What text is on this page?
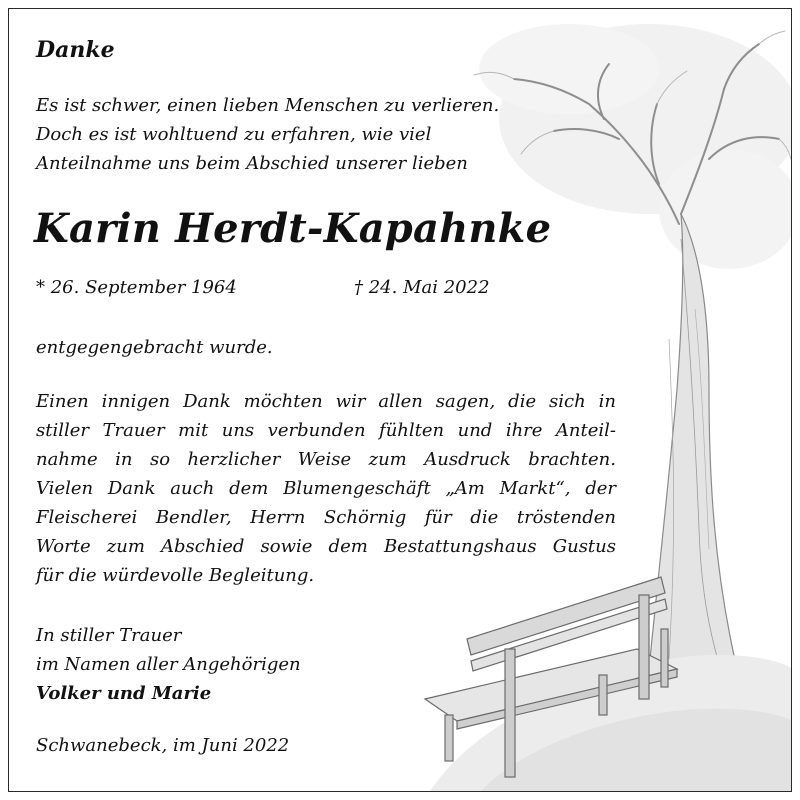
Danke
Es ist schwer, einen lieben Menschen zu verlieren.
Doch es ist wohltuend zu erfahren, wie viel
Anteilnahme uns beim Abschied unserer lieben
Karin Herdt-Kapahnke
* 26. September 1964	† 24. Mai 2022
entgegengebracht wurde.
Einen innigen Dank möchten wir allen sagen, die sich in
stiller Trauer mit uns verbunden fühlten und ihre Anteil-
nahme in so herzlicher Weise zum Ausdruck brachten.
Vielen Dank auch dem Blumengeschäft „Am Markt“, der
Fleischerei Bendler, Herrn Schörnig für die tröstenden
Worte zum Abschied sowie dem Bestattungshaus Gustus
für die würdevolle Begleitung.
In stiller Trauer
im Namen aller Angehörigen
Volker und Marie
Schwanebeck, im Juni 2022
